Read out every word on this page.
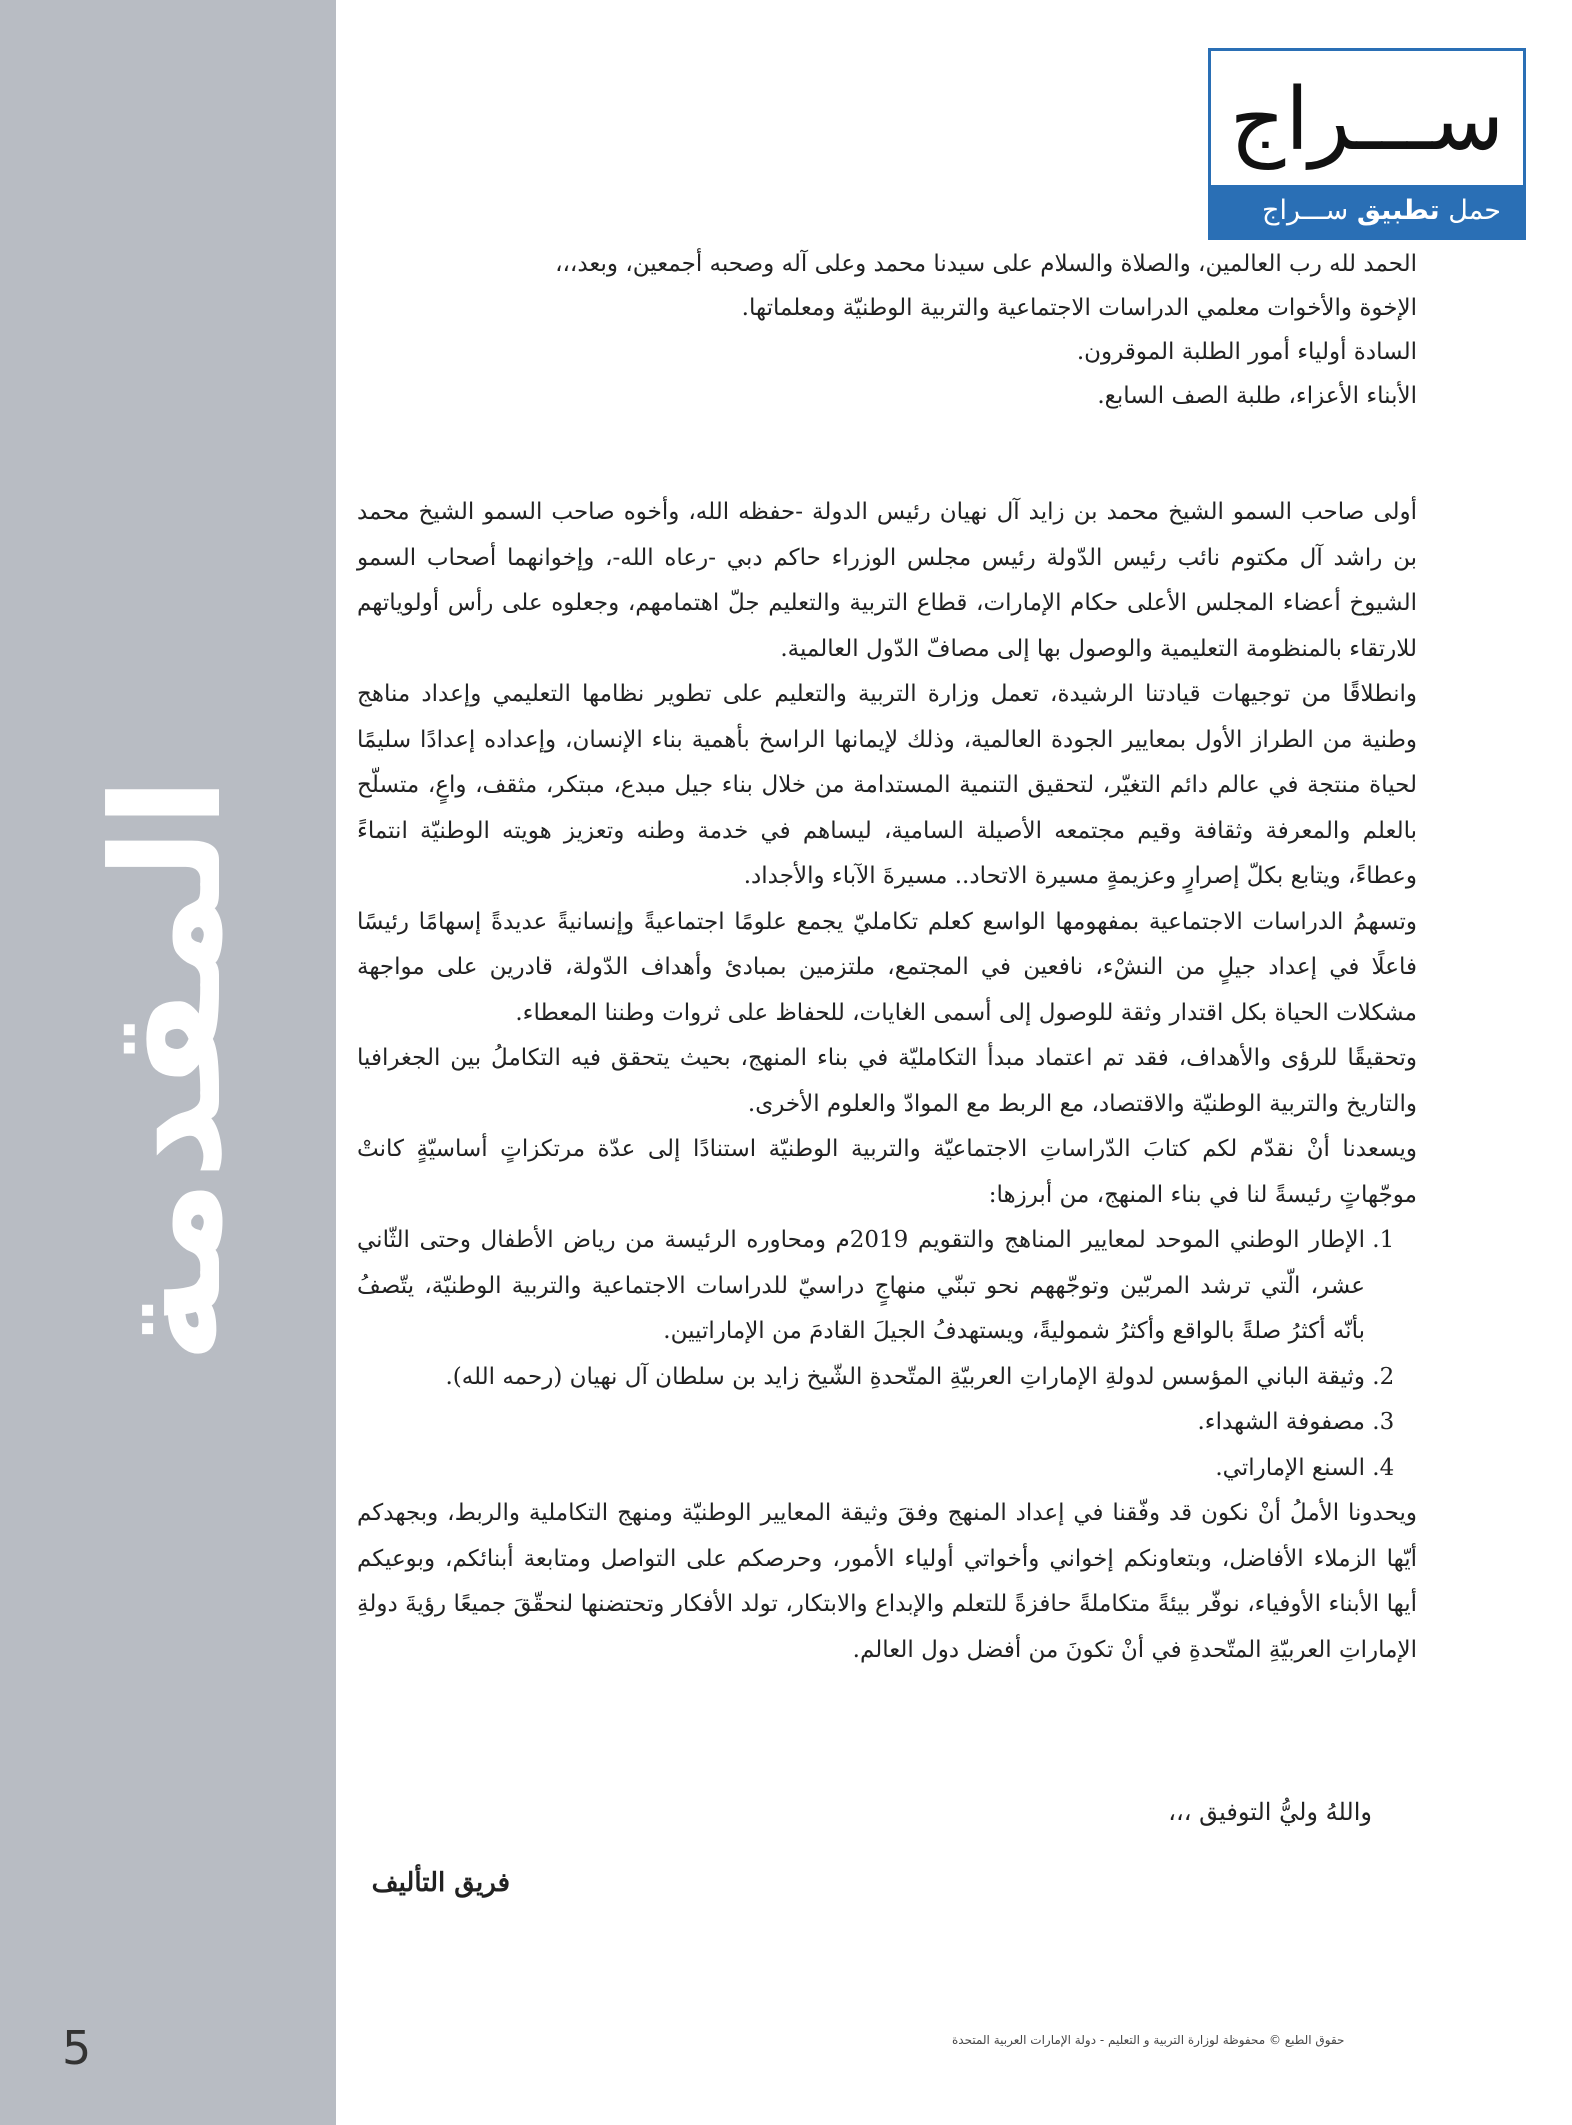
المقدمة
5
ســـراج
حمل تطبيق ســـراج

الحمد لله رب العالمين، والصلاة والسلام على سيدنا محمد وعلى آله وصحبه أجمعين، وبعد،،،

الإخوة والأخوات معلمي الدراسات الاجتماعية والتربية الوطنيّة ومعلماتها.

السادة أولياء أمور الطلبة الموقرون.

الأبناء الأعزاء، طلبة الصف السابع.

أولى صاحب السمو الشيخ محمد بن زايد آل نهيان رئيس الدولة -حفظه الله، وأخوه صاحب السمو الشيخ محمد بن راشد آل مكتوم نائب رئيس الدّولة رئيس مجلس الوزراء حاكم دبي -رعاه الله-، وإخوانهما أصحاب السمو الشيوخ أعضاء المجلس الأعلى حكام الإمارات، قطاع التربية والتعليم جلّ اهتمامهم، وجعلوه على رأس أولوياتهم للارتقاء بالمنظومة التعليمية والوصول بها إلى مصافّ الدّول العالمية.

وانطلاقًا من توجيهات قيادتنا الرشيدة، تعمل وزارة التربية والتعليم على تطوير نظامها التعليمي وإعداد مناهج وطنية من الطراز الأول بمعايير الجودة العالمية، وذلك لإيمانها الراسخ بأهمية بناء الإنسان، وإعداده إعدادًا سليمًا لحياة منتجة في عالم دائم التغيّر، لتحقيق التنمية المستدامة من خلال بناء جيل مبدع، مبتكر، مثقف، واعٍ، متسلّح بالعلم والمعرفة وثقافة وقيم مجتمعه الأصيلة السامية، ليساهم في خدمة وطنه وتعزيز هويته الوطنيّة انتماءً وعطاءً، ويتابع بكلّ إصرارٍ وعزيمةٍ مسيرة الاتحاد.. مسيرةَ الآباء والأجداد.

وتسهمُ الدراسات الاجتماعية بمفهومها الواسع كعلم تكامليّ يجمع علومًا اجتماعيةً وإنسانيةً عديدةً إسهامًا رئيسًا فاعلًا في إعداد جيلٍ من النشْء، نافعين في المجتمع، ملتزمين بمبادئ وأهداف الدّولة، قادرين على مواجهة مشكلات الحياة بكل اقتدار وثقة للوصول إلى أسمى الغايات، للحفاظ على ثروات وطننا المعطاء.

وتحقيقًا للرؤى والأهداف، فقد تم اعتماد مبدأ التكامليّة في بناء المنهج، بحيث يتحقق فيه التكاملُ بين الجغرافيا والتاريخ والتربية الوطنيّة والاقتصاد، مع الربط مع الموادّ والعلوم الأخرى.

ويسعدنا أنْ نقدّم لكم كتابَ الدّراساتِ الاجتماعيّة والتربية الوطنيّة استنادًا إلى عدّة مرتكزاتٍ أساسيّةٍ كانتْ موجّهاتٍ رئيسةً لنا في بناء المنهج، من أبرزها:

1. الإطار الوطني الموحد لمعايير المناهج والتقويم 2019م ومحاوره الرئيسة من رياض الأطفال وحتى الثّاني عشر، الّتي ترشد المربّين وتوجّههم نحو تبنّي منهاجٍ دراسيّ للدراسات الاجتماعية والتربية الوطنيّة، يتّصفُ بأنّه أكثرُ صلةً بالواقع وأكثرُ شموليةً، ويستهدفُ الجيلَ القادمَ من الإماراتيين.
2. وثيقة الباني المؤسس لدولةِ الإماراتِ العربيّةِ المتّحدةِ الشّيخ زايد بن سلطان آل نهيان (رحمه الله).
3. مصفوفة الشهداء.
4. السنع الإماراتي.

ويحدونا الأملُ أنْ نكون قد وفّقنا في إعداد المنهج وفقَ وثيقة المعايير الوطنيّة ومنهج التكاملية والربط، وبجهدكم أيّها الزملاء الأفاضل، وبتعاونكم إخواني وأخواتي أولياء الأمور، وحرصكم على التواصل ومتابعة أبنائكم، وبوعيكم أيها الأبناء الأوفياء، نوفّر بيئةً متكاملةً حافزةً للتعلم والإبداع والابتكار، تولد الأفكار وتحتضنها لنحقّقَ جميعًا رؤيةَ دولةِ الإماراتِ العربيّةِ المتّحدةِ في أنْ تكونَ من أفضل دول العالم.

واللهُ وليُّ التوفيق ،،،
فريق التأليف
حقوق الطبع © محفوظة لوزارة التربية و التعليم - دولة الإمارات العربية المتحدة
